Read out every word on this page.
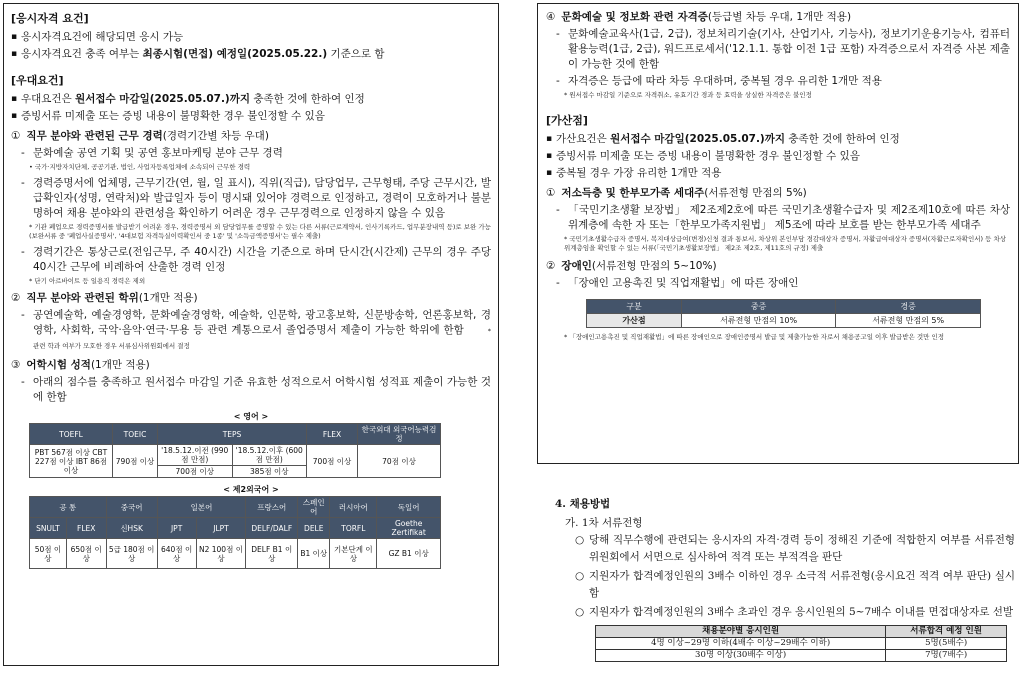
[응시자격 요건]
▪ 응시자격요건에 해당되면 응시 가능
▪ 응시자격요건 충족 여부는 최종시험(면접) 예정일(2025.05.22.) 기준으로 함
[우대요건]
▪ 우대요건은 원서접수 마감일(2025.05.07.)까지 충족한 것에 한하여 인정
▪ 증빙서류 미제출 또는 증빙 내용이 불명확한 경우 불인정할 수 있음
① 직무 분야와 관련된 근무 경력(경력기간별 차등 우대)
- 문화예술 공연 기획 및 공연 홍보마케팅 분야 근무 경력
• 국가·지방자치단체, 공공기관, 법인, 사업자등록업체에 소속되어 근무한 경력
- 경력증명서에 업체명, 근무기간(연, 월, 일 표시), 직위(직급), 담당업무, 근무형태, 주당 근무시간, 발급확인자(성명, 연락처)와 발급일자 등이 명시돼 있어야 경력으로 인정하고, 경력이 모호하거나 불분명하여 채용 분야와의 관련성을 확인하기 어려운 경우 근무경력으로 인정하지 않을 수 있음
* 기관 폐업으로 경력증명서를 발급받기 어려운 경우, 경력증명서 외 담당업무를 증명할 수 있는 다른 서류(근로계약서, 인사기록카드, 업무분장내역 등)로 보완 가능(보완서류 중 '폐업사실증명서', '4대보험 자격득실이력확인서 중 1종' 및 '소득금액증명서'는 필수 제출)
- 경력기간은 통상근로(전임근무, 주 40시간) 시간을 기준으로 하며 단시간(시간제) 근무의 경우 주당 40시간 근무에 비례하여 산출한 경력 인정
* 단기 아르바이트 등 일용직 경력은 제외
② 직무 분야와 관련된 학위(1개만 적용)
- 공연예술학, 예술경영학, 문화예술경영학, 예술학, 인문학, 광고홍보학, 신문방송학, 언론홍보학, 경영학, 사회학, 국악·음악·연극·무용 등 관련 계통으로서 졸업증명서 제출이 가능한 학위에 한함	* 관련 학과 여부가 모호한 경우 서류심사위원회에서 결정
③ 어학시험 성적(1개만 적용)
- 아래의 점수를 충족하고 원서접수 마감일 기준 유효한 성적으로서 어학시험 성적표 제출이 가능한 것에 한함
< 영어 >
TOEFL	TOEIC	TEPS		FLEX	한국외대 외국어능력검정
PBT 567점 이상 CBT 227점 이상 IBT 86점 이상	790점 이상	'18.5.12.이전 (990점 만점)	'18.5.12.이후 (600점 만점)	700점 이상	70점 이상
		700점 이상	385점 이상		
< 제2외국어 >
공 통		중국어	일본어		프랑스어	스페인어	러시아어	독일어
SNULT	FLEX	신HSK	JPT	JLPT	DELF/DALF	DELE	TORFL	Goethe Zertifikat
50점 이상	650점 이상	5급 180점 이상	640점 이상	N2 100점 이상	DELF B1 이상	B1 이상	기본단계 이상	GZ B1 이상
④ 문화예술 및 정보화 관련 자격증(등급별 차등 우대, 1개만 적용)
- 문화예술교육사(1급, 2급), 정보처리기술(기사, 산업기사, 기능사), 정보기기운용기능사, 컴퓨터활용능력(1급, 2급), 워드프로세서('12.1.1. 통합 이전 1급 포함) 자격증으로서 자격증 사본 제출이 가능한 것에 한함
- 자격증은 등급에 따라 차등 우대하며, 중복될 경우 유리한 1개만 적용
* 원서접수 마감일 기준으로 자격취소, 유효기간 경과 등 효력을 상실한 자격증은 불인정
[가산점]
▪ 가산요건은 원서접수 마감일(2025.05.07.)까지 충족한 것에 한하여 인정
▪ 증빙서류 미제출 또는 증빙 내용이 불명확한 경우 불인정할 수 있음
▪ 중복될 경우 가장 유리한 1개만 적용
① 저소득층 및 한부모가족 세대주(서류전형 만점의 5%)
- 「국민기초생활 보장법」 제2조제2호에 따른 국민기초생활수급자 및 제2조제10호에 따른 차상위계층에 속한 자 또는「한부모가족지원법」 제5조에 따라 보호를 받는 한부모가족 세대주
* 국민기초생활수급자 증명서, 복지대상급여(변경)신청 결과 통보서, 차상위 본인부담 경감대상자 증명서, 자활급여대상자 증명서(자활근로자확인서) 등 차상위계층임을 확인할 수 있는 서류(「국민기초생활보장법」 제2조 제2호, 제11호의 규정) 제출
② 장애인(서류전형 만점의 5~10%)
- 「장애인 고용촉진 및 직업재활법」에 따른 장애인
구분	중증	경증
가산점	서류전형 만점의 10%	서류전형 만점의 5%
* 「장애인고용촉진 및 직업재활법」에 따른 장애인으로 장애인증명서 발급 및 제출가능한 자로서 채용공고일 이후 발급받은 것만 인정
4. 채용방법
가. 1차 서류전형
○ 당해 직무수행에 관련되는 응시자의 자격·경력 등이 정해진 기준에 적합한지 여부를 서류전형위원회에서 서면으로 심사하여 적격 또는 부적격을 판단
○ 지원자가 합격예정인원의 3배수 이하인 경우 소극적 서류전형(응시요건 적격 여부 판단) 실시함
○ 지원자가 합격예정인원의 3배수 초과인 경우 응시인원의 5~7배수 이내를 면접대상자로 선발
채용분야별 응시인원	서류합격 예정 인원
4명 이상~29명 이하(4배수 이상~29배수 이하)	5명(5배수)
30명 이상(30배수 이상)	7명(7배수)
